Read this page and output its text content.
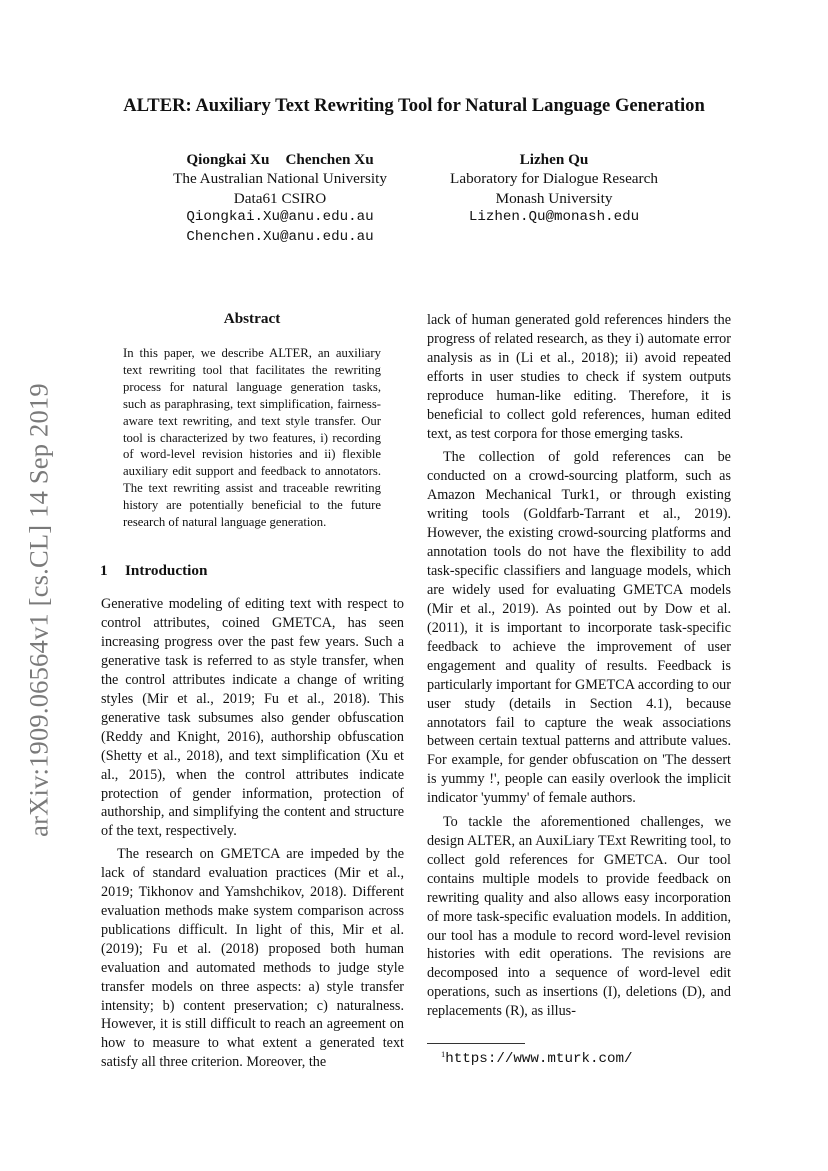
arXiv:1909.06564v1 [cs.CL] 14 Sep 2019
ALTER: Auxiliary Text Rewriting Tool for Natural Language Generation
Qiongkai Xu Chenchen Xu
The Australian National University
Data61 CSIRO
Qiongkai.Xu@anu.edu.au
Chenchen.Xu@anu.edu.au
Lizhen Qu
Laboratory for Dialogue Research
Monash University
Lizhen.Qu@monash.edu
Abstract
In this paper, we describe ALTER, an auxiliary text rewriting tool that facilitates the rewriting process for natural language generation tasks, such as paraphrasing, text simplification, fairness-aware text rewriting, and text style transfer. Our tool is characterized by two features, i) recording of word-level revision histories and ii) flexible auxiliary edit support and feedback to annotators. The text rewriting assist and traceable rewriting history are potentially beneficial to the future research of natural language generation.
1 Introduction

Generative modeling of editing text with respect to control attributes, coined GMETCA, has seen increasing progress over the past few years. Such a generative task is referred to as style transfer, when the control attributes indicate a change of writing styles (Mir et al., 2019; Fu et al., 2018). This generative task subsumes also gender obfuscation (Reddy and Knight, 2016), authorship obfuscation (Shetty et al., 2018), and text simplification (Xu et al., 2015), when the control attributes indicate protection of gender information, protection of authorship, and simplifying the content and structure of the text, respectively.

The research on GMETCA are impeded by the lack of standard evaluation practices (Mir et al., 2019; Tikhonov and Yamshchikov, 2018). Different evaluation methods make system comparison across publications difficult. In light of this, Mir et al. (2019); Fu et al. (2018) proposed both human evaluation and automated methods to judge style transfer models on three aspects: a) style transfer intensity; b) content preservation; c) naturalness. However, it is still difficult to reach an agreement on how to measure to what extent a generated text satisfy all three criterion. Moreover, the

lack of human generated gold references hinders the progress of related research, as they i) automate error analysis as in (Li et al., 2018); ii) avoid repeated efforts in user studies to check if system outputs reproduce human-like editing. Therefore, it is beneficial to collect gold references, human edited text, as test corpora for those emerging tasks.

The collection of gold references can be conducted on a crowd-sourcing platform, such as Amazon Mechanical Turk1, or through existing writing tools (Goldfarb-Tarrant et al., 2019). However, the existing crowd-sourcing platforms and annotation tools do not have the flexibility to add task-specific classifiers and language models, which are widely used for evaluating GMETCA models (Mir et al., 2019). As pointed out by Dow et al. (2011), it is important to incorporate task-specific feedback to achieve the improvement of user engagement and quality of results. Feedback is particularly important for GMETCA according to our user study (details in Section 4.1), because annotators fail to capture the weak associations between certain textual patterns and attribute values. For example, for gender obfuscation on 'The dessert is yummy !', people can easily overlook the implicit indicator 'yummy' of female authors.

To tackle the aforementioned challenges, we design ALTER, an AuxiLiary TExt Rewriting tool, to collect gold references for GMETCA. Our tool contains multiple models to provide feedback on rewriting quality and also allows easy incorporation of more task-specific evaluation models. In addition, our tool has a module to record word-level revision histories with edit operations. The revisions are decomposed into a sequence of word-level edit operations, such as insertions (I), deletions (D), and replacements (R), as illus-

$^1$https://www.mturk.com/
